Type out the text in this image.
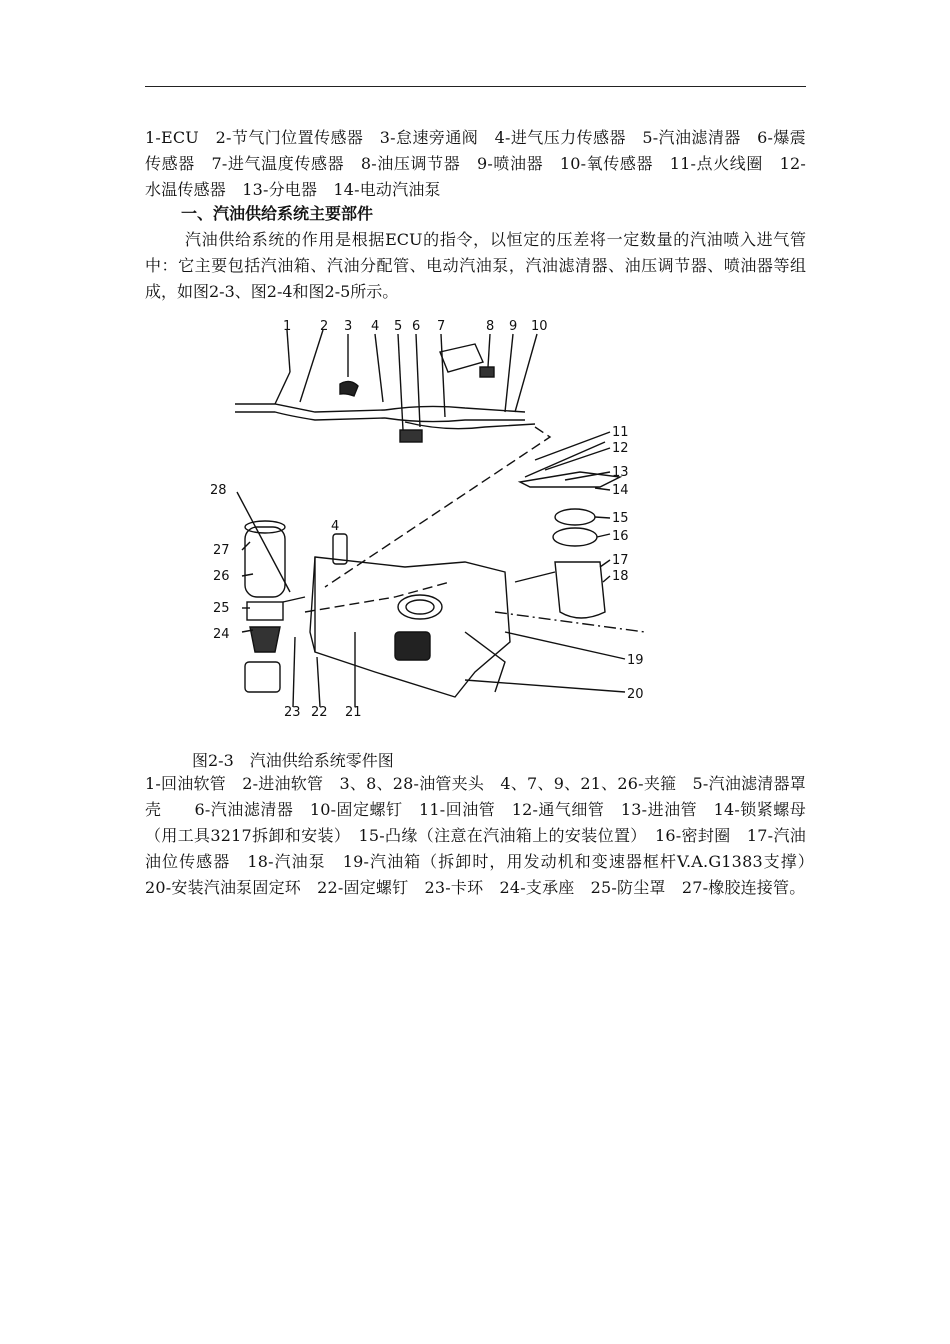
1-ECU　2-节气门位置传感器　3-怠速旁通阀　4-进气压力传感器　5-汽油滤清器　6-爆震传感器　7-进气温度传感器　8-油压调节器　9-喷油器　10-氧传感器　11-点火线圈　12-水温传感器　13-分电器　14-电动汽油泵
一、汽油供给系统主要部件
汽油供给系统的作用是根据ECU的指令，以恒定的压差将一定数量的汽油喷入进气管中：它主要包括汽油箱、汽油分配管、电动汽油泵，汽油滤清器、油压调节器、喷油器等组成，如图2-3、图2-4和图2-5所示。
1 2 3 4 5 6 7	8 9 10
11
12
13
14
15
16
17
18
19
20
21
22
23
24
25
26
27
28
4
图2-3　汽油供给系统零件图
1-回油软管　2-进油软管　3、8、28-油管夹头　4、7、9、21、26-夹箍　5-汽油滤清器罩壳　　6-汽油滤清器　10-固定螺钉　11-回油管　12-通气细管　13-进油管　14-锁紧螺母（用工具3217拆卸和安装）　15-凸缘（注意在汽油箱上的安装位置）　16-密封圈　17-汽油油位传感器　18-汽油泵　19-汽油箱（拆卸时，用发动机和变速器框杆V.A.G1383支撑）　20-安装汽油泵固定环　22-固定螺钉　23-卡环　24-支承座　25-防尘罩　27-橡胶连接管。
